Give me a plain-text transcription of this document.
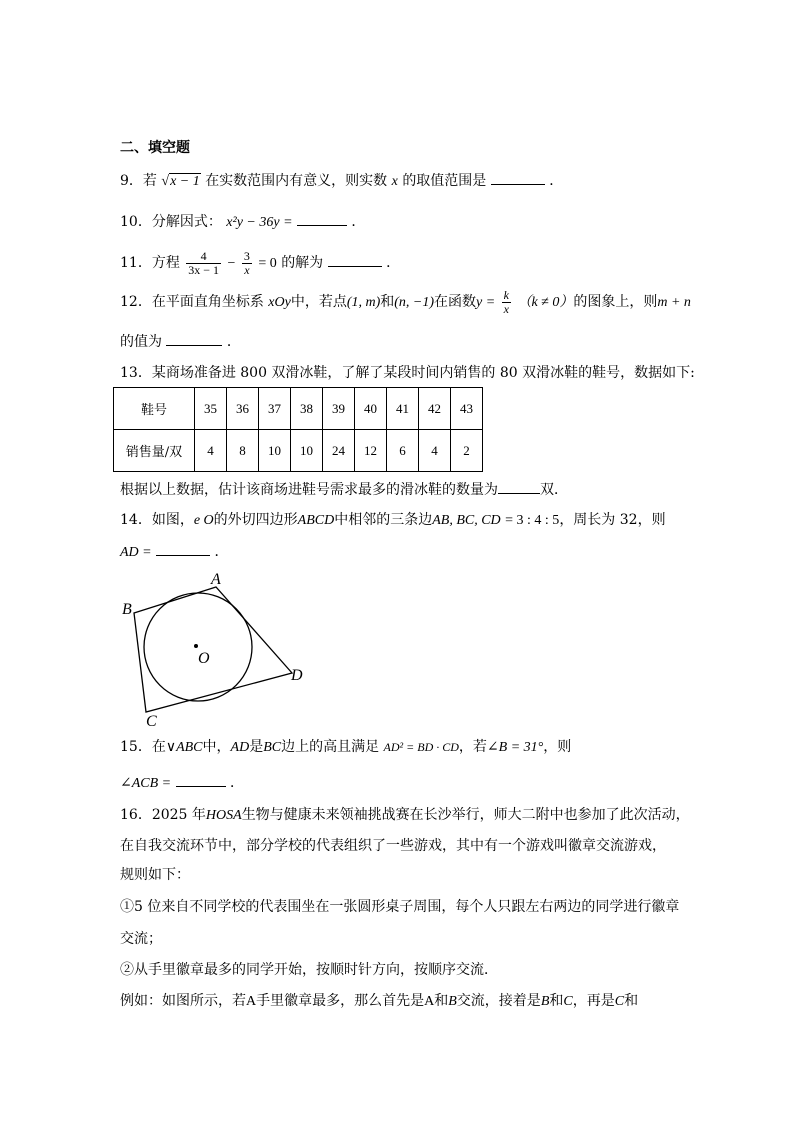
二、填空题
9．若 √x − 1 在实数范围内有意义，则实数 x 的取值范围是	．
10．分解因式： x²y − 36y =	．
11．方程 $\frac{4}{3x - 1} - \frac{3}{x} = 0$ 的解为	．
12．在平面直角坐标系 xOy中，若点(1, m)和(n, −1)在函数$y = \frac{k}{x} (k \ne 0)$的图象上，则m + n
的值为	．
13．某商场准备进 800 双滑冰鞋，了解了某段时间内销售的 80 双滑冰鞋的鞋号，数据如下:
鞋号	35	36	37	38	39	40	41	42	43
销售量/双	4	8	10	10	24	12	6	4	2
根据以上数据，估计该商场进鞋号需求最多的滑冰鞋的数量为	双．
14．如图，e O的外切四边形ABCD中相邻的三条边AB, BC, CD = 3 : 4 : 5，周长为 32，则
AD =	．
A
B
C
D
O
15．在∨ABC中，AD是BC边上的高且满足 AD² = BD · CD，若∠B = 31°，则
∠ACB =	．
16．2025 年HOSA生物与健康未来领袖挑战赛在长沙举行，师大二附中也参加了此次活动，
在自我交流环节中，部分学校的代表组织了一些游戏，其中有一个游戏叫徽章交流游戏，
规则如下：
①5 位来自不同学校的代表围坐在一张圆形桌子周围，每个人只跟左右两边的同学进行徽章
交流；
②从手里徽章最多的同学开始，按顺时针方向，按顺序交流．
例如：如图所示，若A手里徽章最多，那么首先是A和B交流，接着是B和C，再是C和
